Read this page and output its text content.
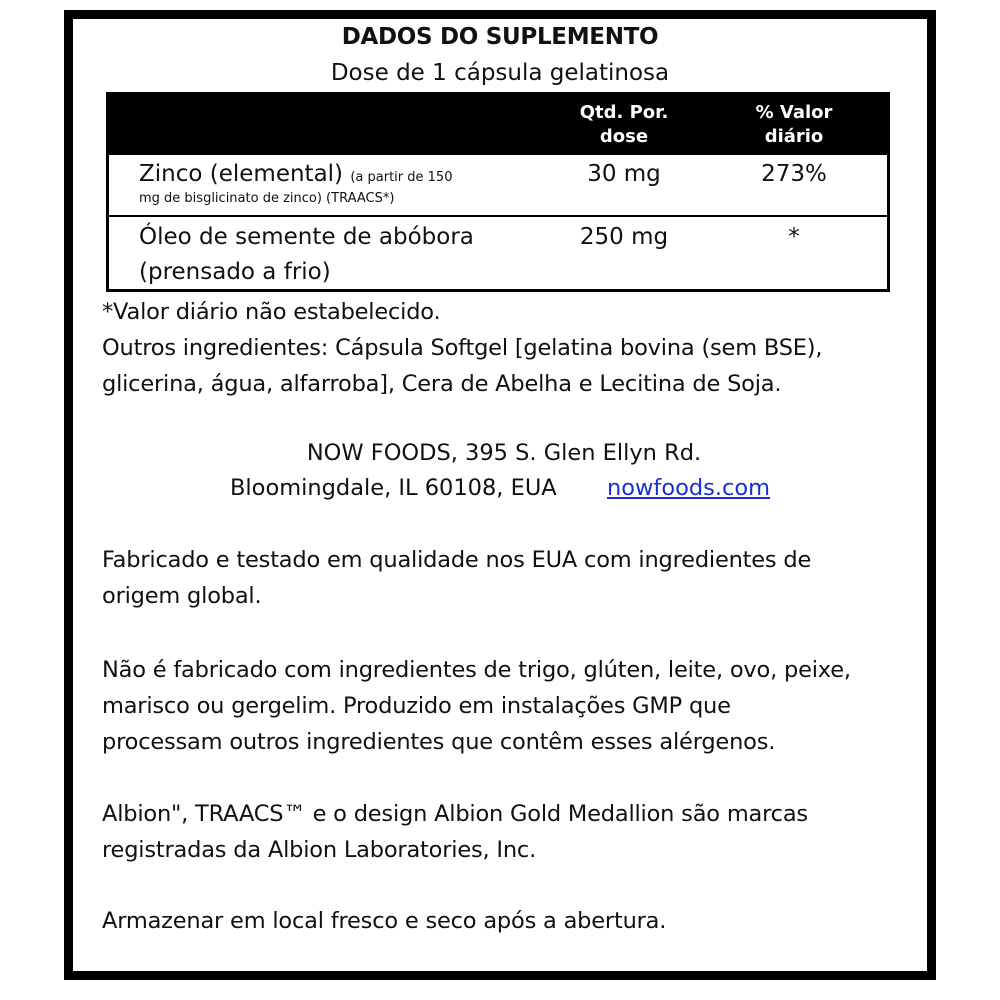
DADOS DO SUPLEMENTO
Dose de 1 cápsula gelatinosa
Qtd. Por.
dose
% Valor
diário
Zinco (elemental) (a partir de 150
mg de bisglicinato de zinco) (TRAACS*)
30 mg	273%
Óleo de semente de abóbora
(prensado a frio)
250 mg	*
*Valor diário não estabelecido.
Outros ingredientes: Cápsula Softgel [gelatina bovina (sem BSE),
glicerina, água, alfarroba], Cera de Abelha e Lecitina de Soja.
NOW FOODS, 395 S. Glen Ellyn Rd.
Bloomingdale, IL 60108, EUA nowfoods.com
Fabricado e testado em qualidade nos EUA com ingredientes de
origem global.
Não é fabricado com ingredientes de trigo, glúten, leite, ovo, peixe,
marisco ou gergelim. Produzido em instalações GMP que
processam outros ingredientes que contêm esses alérgenos.
Albion", TRAACS™ e o design Albion Gold Medallion são marcas
registradas da Albion Laboratories, Inc.
Armazenar em local fresco e seco após a abertura.
